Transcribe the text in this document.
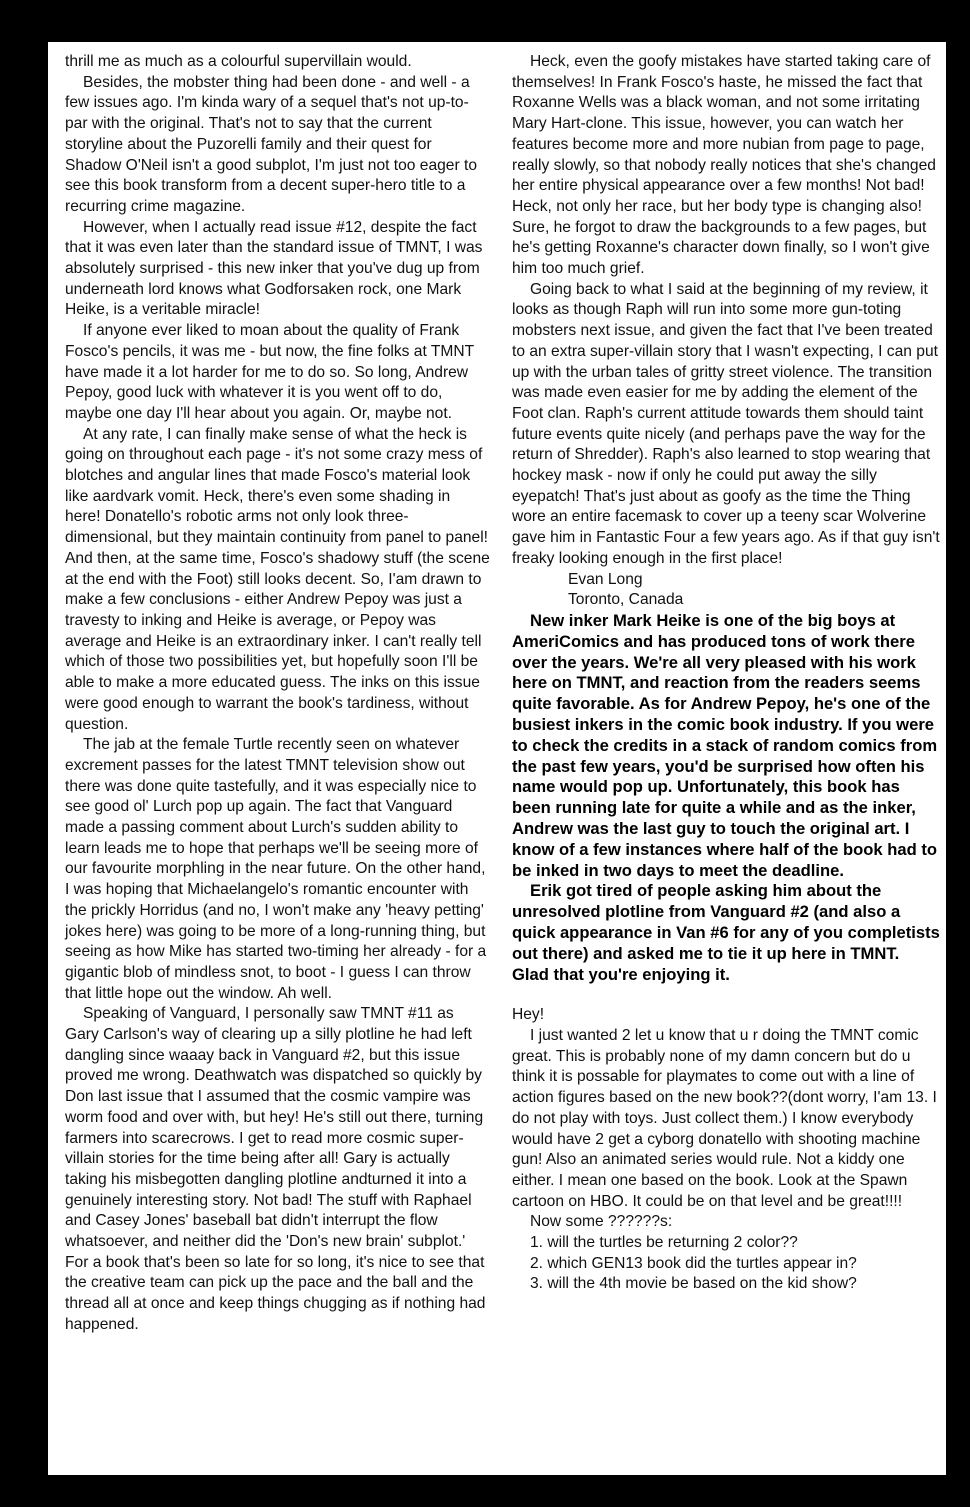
thrill me as much as a colourful supervillain would.

Besides, the mobster thing had been done - and well - a few issues ago. I'm kinda wary of a sequel that's not up-to-par with the original. That's not to say that the current storyline about the Puzorelli family and their quest for Shadow O'Neil isn't a good subplot, I'm just not too eager to see this book transform from a decent super-hero title to a recurring crime magazine.

However, when I actually read issue #12, despite the fact that it was even later than the standard issue of TMNT, I was absolutely surprised - this new inker that you've dug up from underneath lord knows what Godforsaken rock, one Mark Heike, is a veritable miracle!

If anyone ever liked to moan about the quality of Frank Fosco's pencils, it was me - but now, the fine folks at TMNT have made it a lot harder for me to do so. So long, Andrew Pepoy, good luck with whatever it is you went off to do, maybe one day I'll hear about you again. Or, maybe not.

At any rate, I can finally make sense of what the heck is going on throughout each page - it's not some crazy mess of blotches and angular lines that made Fosco's material look like aardvark vomit. Heck, there's even some shading in here! Donatello's robotic arms not only look three-dimensional, but they maintain continuity from panel to panel! And then, at the same time, Fosco's shadowy stuff (the scene at the end with the Foot) still looks decent. So, I'am drawn to make a few conclusions - either Andrew Pepoy was just a travesty to inking and Heike is average, or Pepoy was average and Heike is an extraordinary inker. I can't really tell which of those two possibilities yet, but hopefully soon I'll be able to make a more educated guess. The inks on this issue were good enough to warrant the book's tardiness, without question.

The jab at the female Turtle recently seen on whatever excrement passes for the latest TMNT television show out there was done quite tastefully, and it was especially nice to see good ol' Lurch pop up again. The fact that Vanguard made a passing comment about Lurch's sudden ability to learn leads me to hope that perhaps we'll be seeing more of our favourite morphling in the near future. On the other hand, I was hoping that Michaelangelo's romantic encounter with the prickly Horridus (and no, I won't make any 'heavy petting' jokes here) was going to be more of a long-running thing, but seeing as how Mike has started two-timing her already - for a gigantic blob of mindless snot, to boot - I guess I can throw that little hope out the window. Ah well.

Speaking of Vanguard, I personally saw TMNT #11 as Gary Carlson's way of clearing up a silly plotline he had left dangling since waaay back in Vanguard #2, but this issue proved me wrong. Deathwatch was dispatched so quickly by Don last issue that I assumed that the cosmic vampire was worm food and over with, but hey! He's still out there, turning farmers into scarecrows. I get to read more cosmic super-villain stories for the time being after all! Gary is actually taking his misbegotten dangling plotline andturned it into a genuinely interesting story. Not bad! The stuff with Raphael and Casey Jones' baseball bat didn't interrupt the flow whatsoever, and neither did the 'Don's new brain' subplot.' For a book that's been so late for so long, it's nice to see that the creative team can pick up the pace and the ball and the thread all at once and keep things chugging as if nothing had happened.

Heck, even the goofy mistakes have started taking care of themselves! In Frank Fosco's haste, he missed the fact that Roxanne Wells was a black woman, and not some irritating Mary Hart-clone. This issue, however, you can watch her features become more and more nubian from page to page, really slowly, so that nobody really notices that she's changed her entire physical appearance over a few months! Not bad! Heck, not only her race, but her body type is changing also! Sure, he forgot to draw the backgrounds to a few pages, but he's getting Roxanne's character down finally, so I won't give him too much grief.

Going back to what I said at the beginning of my review, it looks as though Raph will run into some more gun-toting mobsters next issue, and given the fact that I've been treated to an extra super-villain story that I wasn't expecting, I can put up with the urban tales of gritty street violence. The transition was made even easier for me by adding the element of the Foot clan. Raph's current attitude towards them should taint future events quite nicely (and perhaps pave the way for the return of Shredder). Raph's also learned to stop wearing that hockey mask - now if only he could put away the silly eyepatch! That's just about as goofy as the time the Thing wore an entire facemask to cover up a teeny scar Wolverine gave him in Fantastic Four a few years ago. As if that guy isn't freaky looking enough in the first place!

Evan Long
Toronto, Canada

New inker Mark Heike is one of the big boys at AmeriComics and has produced tons of work there over the years. We're all very pleased with his work here on TMNT, and reaction from the readers seems quite favorable. As for Andrew Pepoy, he's one of the busiest inkers in the comic book industry. If you were to check the credits in a stack of random comics from the past few years, you'd be surprised how often his name would pop up. Unfortunately, this book has been running late for quite a while and as the inker, Andrew was the last guy to touch the original art. I know of a few instances where half of the book had to be inked in two days to meet the deadline.

Erik got tired of people asking him about the unresolved plotline from Vanguard #2 (and also a quick appearance in Van #6 for any of you completists out there) and asked me to tie it up here in TMNT. Glad that you're enjoying it.

Hey!

I just wanted 2 let u know that u r doing the TMNT comic great. This is probably none of my damn concern but do u think it is possable for playmates to come out with a line of action figures based on the new book??(dont worry, I'am 13. I do not play with toys. Just collect them.) I know everybody would have 2 get a cyborg donatello with shooting machine gun! Also an animated series would rule. Not a kiddy one either. I mean one based on the book. Look at the Spawn cartoon on HBO. It could be on that level and be great!!!!

Now some ??????s:

1. will the turtles be returning 2 color??

2. which GEN13 book did the turtles appear in?

3. will the 4th movie be based on the kid show?
